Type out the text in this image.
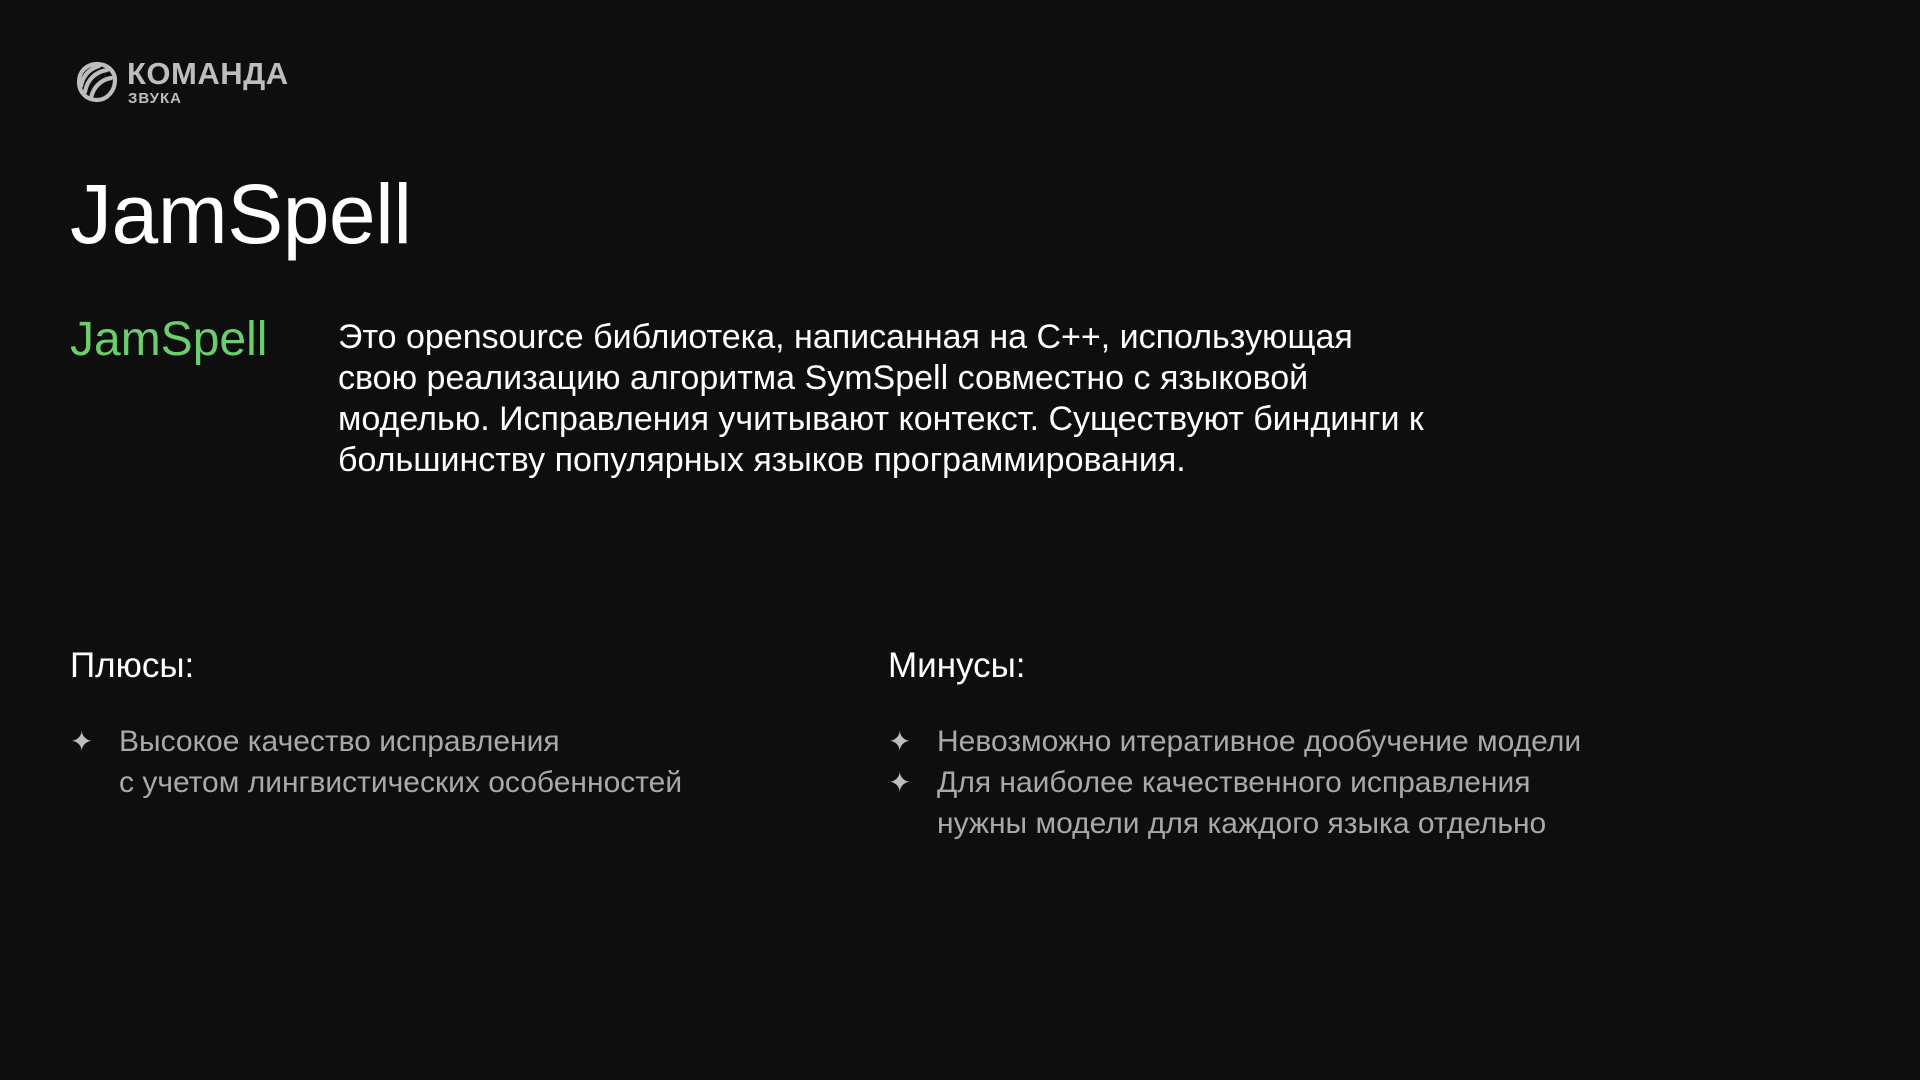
КОМАНДА
ЗВУКА
JamSpell
JamSpell Это opensource библиотека, написанная на C++, использующая свою реализацию алгоритма SymSpell совместно с языковой моделью. Исправления учитывают контекст. Существуют биндинги к большинству популярных языков программирования.

Плюсы:
✦ Высокое качество исправления
с учетом лингвистических особенностей
Минусы:
✦ Невозможно итеративное дообучение модели
✦ Для наиболее качественного исправления
нужны модели для каждого языка отдельно
